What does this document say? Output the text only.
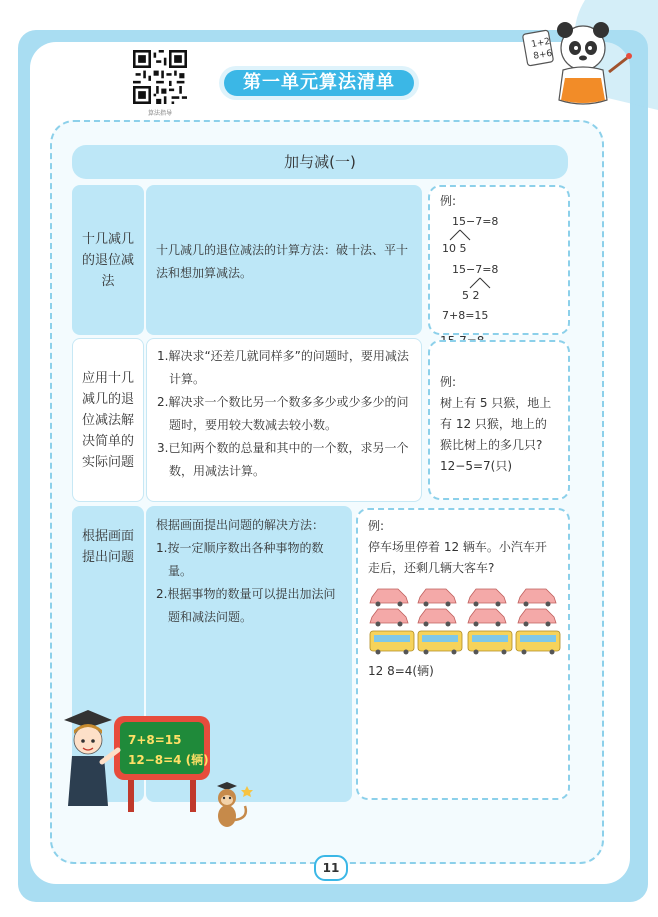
算法指导
第一单元算法清单
1+2
8+6
加与减(一)
十几减几的退位减法

十几减几的退位减法的计算方法：破十法、平十法和想加算减法。

例:

15−7=8
10 5
15−7=8
5 2
7+8=15

应用十几减几的退位减法解决简单的实际问题

1.解决求“还差几就同样多”的问题时，要用减法计算。

2.解决求一个数比另一个数多多少或少多少的问题时，要用较大数减去较小数。

3.已知两个数的总量和其中的一个数，求另一个数，用减法计算。

例:

树上有 5 只猴，地上有 12 只猴，地上的猴比树上的多几只?

12−5=7(只)

根据画面提出问题

根据画面提出问题的解决方法：

1.按一定顺序数出各种事物的数量。

2.根据事物的数量可以提出加法问题和减法问题。

例:

停车场里停着 12 辆车。小汽车开走后，还剩几辆大客车?

12 8=4(辆)

7+8=15
12−8=4 (辆)
11
